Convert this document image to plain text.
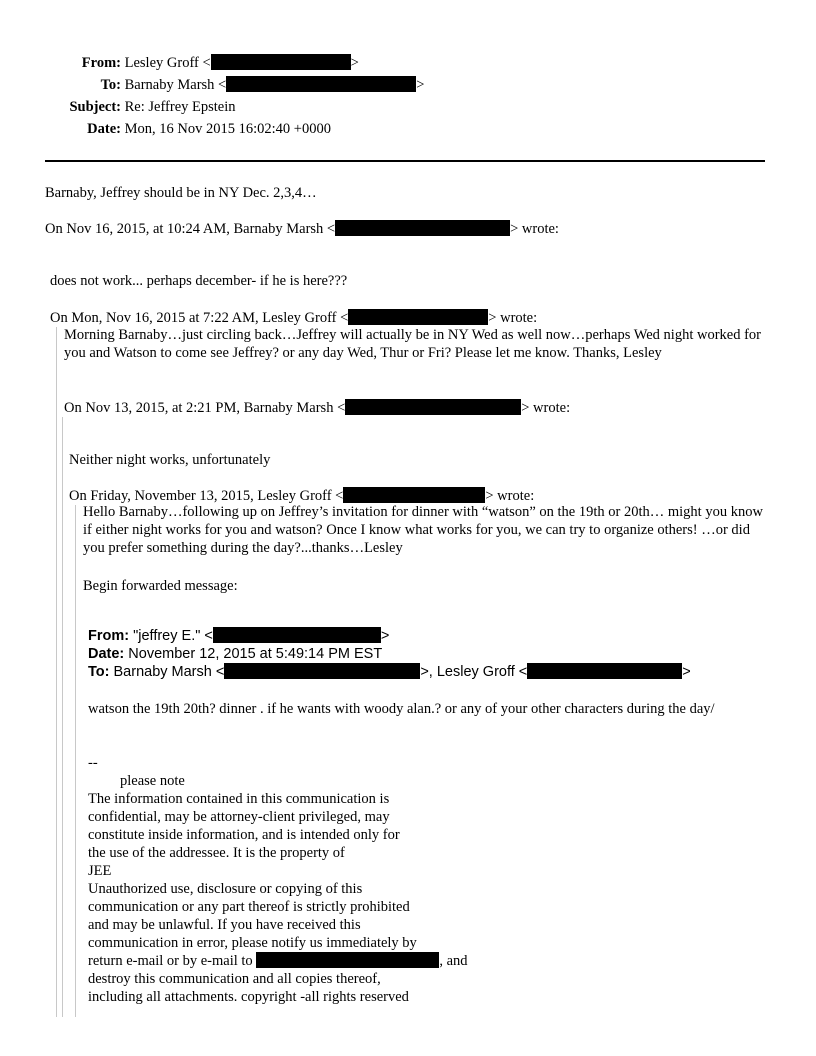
From: Lesley Groff <	>
To: Barnaby Marsh <	>
Subject: Re: Jeffrey Epstein
Date: Mon, 16 Nov 2015 16:02:40 +0000
Barnaby, Jeffrey should be in NY Dec. 2,3,4…
On Nov 16, 2015, at 10:24 AM, Barnaby Marsh <	> wrote:
does not work... perhaps december- if he is here???
On Mon, Nov 16, 2015 at 7:22 AM, Lesley Groff <	> wrote:
Morning Barnaby…just circling back…Jeffrey will actually be in NY Wed as well now…perhaps Wed night worked for you and Watson to come see Jeffrey? or any day Wed, Thur or Fri? Please let me know. Thanks, Lesley
On Nov 13, 2015, at 2:21 PM, Barnaby Marsh <	> wrote:
Neither night works, unfortunately
On Friday, November 13, 2015, Lesley Groff <	> wrote:
Hello Barnaby…following up on Jeffrey’s invitation for dinner with “watson” on the 19th or 20th… might you know if either night works for you and watson? Once I know what works for you, we can try to organize others! …or did you prefer something during the day?...thanks…Lesley
Begin forwarded message:
From: "jeffrey E." <	>
Date: November 12, 2015 at 5:49:14 PM EST
To: Barnaby Marsh <	>, Lesley Groff <	>
watson the 19th 20th? dinner . if he wants with woody alan.? or any of your other characters during the day/
--
please note
The information contained in this communication is
confidential, may be attorney-client privileged, may
constitute inside information, and is intended only for
the use of the addressee. It is the property of
JEE
Unauthorized use, disclosure or copying of this
communication or any part thereof is strictly prohibited
and may be unlawful. If you have received this
communication in error, please notify us immediately by
return e-mail or by e-mail to	, and
destroy this communication and all copies thereof,
including all attachments. copyright -all rights reserved
